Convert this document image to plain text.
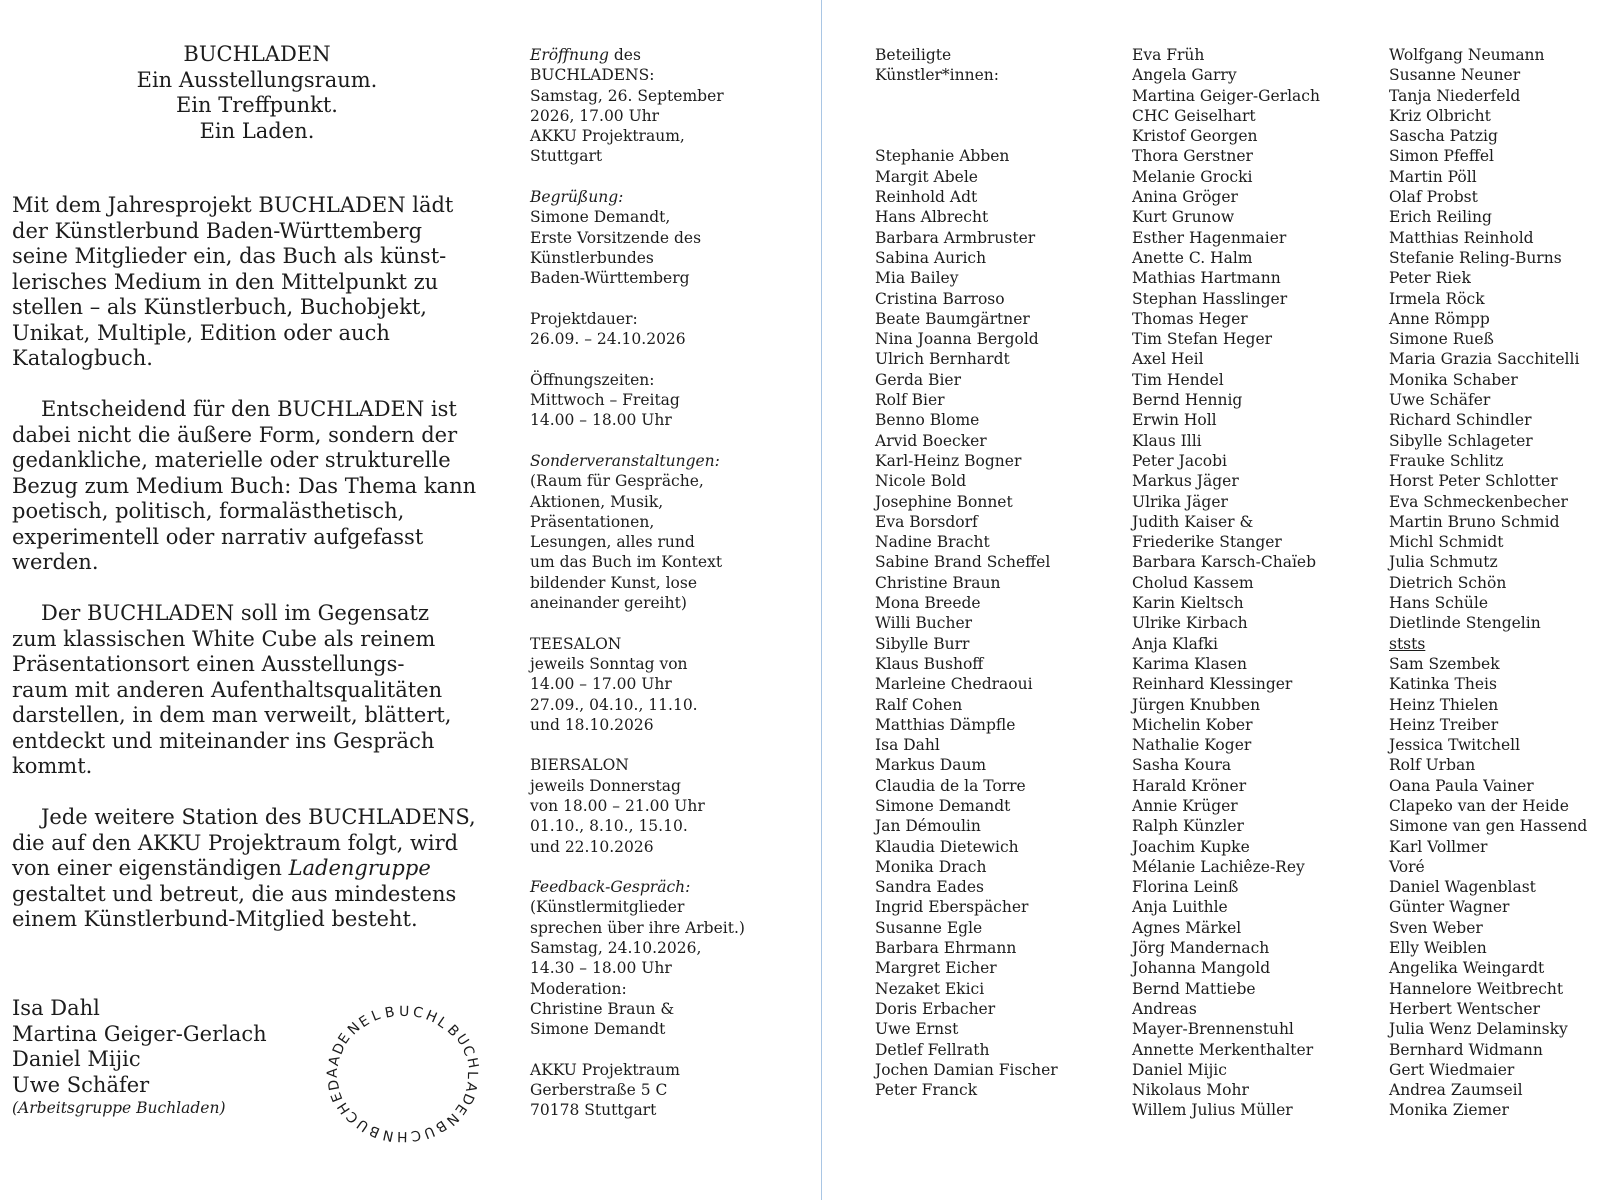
BUCHLADEN
Ein Ausstellungsraum.
Ein Treffpunkt.
Ein Laden.
Mit dem Jahresprojekt BUCHLADEN lädt
der Künstlerbund Baden-Württemberg
seine Mitglieder ein, das Buch als künst-
lerisches Medium in den Mittelpunkt zu
stellen – als Künstlerbuch, Buchobjekt,
Unikat, Multiple, Edition oder auch
Katalogbuch.
Entscheidend für den BUCHLADEN ist
dabei nicht die äußere Form, sondern der
gedankliche, materielle oder strukturelle
Bezug zum Medium Buch: Das Thema kann
poetisch, politisch, formalästhetisch,
experimentell oder narrativ aufgefasst
werden.
Der BUCHLADEN soll im Gegensatz
zum klassischen White Cube als reinem
Präsentationsort einen Ausstellungs-
raum mit anderen Aufenthaltsqualitäten
darstellen, in dem man verweilt, blättert,
entdeckt und miteinander ins Gespräch
kommt.
Jede weitere Station des BUCHLADENS,
die auf den AKKU Projektraum folgt, wird
von einer eigenständigen Ladengruppe
gestaltet und betreut, die aus mindestens
einem Künstlerbund-Mitglied besteht.
Isa Dahl
Martina Geiger-Gerlach
Daniel Mijic
Uwe Schäfer
(Arbeitsgruppe Buchladen)
L B U C
H
L
B
U
C
H
L
A
D
E
N
B
U
C
H
N
B
U
C
H
E
D
A
A
D
E
N
E
Eröffnung des
BUCHLADENS:
Samstag, 26. September
2026, 17.00 Uhr
AKKU Projektraum,
Stuttgart
Begrüßung:
Simone Demandt,
Erste Vorsitzende des
Künstlerbundes
Baden-Württemberg
Projektdauer:
26.09. – 24.10.2026
Öffnungszeiten:
Mittwoch – Freitag
14.00 – 18.00 Uhr
Sonderveranstaltungen:
(Raum für Gespräche,
Aktionen, Musik,
Präsentationen,
Lesungen, alles rund
um das Buch im Kontext
bildender Kunst, lose
aneinander gereiht)
TEESALON
jeweils Sonntag von
14.00 – 17.00 Uhr
27.09., 04.10., 11.10.
und 18.10.2026
BIERSALON
jeweils Donnerstag
von 18.00 – 21.00 Uhr
01.10., 8.10., 15.10.
und 22.10.2026
Feedback-Gespräch:
(Künstlermitglieder
sprechen über ihre Arbeit.)
Samstag, 24.10.2026,
14.30 – 18.00 Uhr
Moderation:
Christine Braun &
Simone Demandt
AKKU Projektraum
Gerberstraße 5 C
70178 Stuttgart
Beteiligte
Künstler*innen:
Stephanie Abben
Margit Abele
Reinhold Adt
Hans Albrecht
Barbara Armbruster
Sabina Aurich
Mia Bailey
Cristina Barroso
Beate Baumgärtner
Nina Joanna Bergold
Ulrich Bernhardt
Gerda Bier
Rolf Bier
Benno Blome
Arvid Boecker
Karl-Heinz Bogner
Nicole Bold
Josephine Bonnet
Eva Borsdorf
Nadine Bracht
Sabine Brand Scheffel
Christine Braun
Mona Breede
Willi Bucher
Sibylle Burr
Klaus Bushoff
Marleine Chedraoui
Ralf Cohen
Matthias Dämpfle
Isa Dahl
Markus Daum
Claudia de la Torre
Simone Demandt
Jan Démoulin
Klaudia Dietewich
Monika Drach
Sandra Eades
Ingrid Eberspächer
Susanne Egle
Barbara Ehrmann
Margret Eicher
Nezaket Ekici
Doris Erbacher
Uwe Ernst
Detlef Fellrath
Jochen Damian Fischer
Peter Franck
Eva Früh
Angela Garry
Martina Geiger-Gerlach
CHC Geiselhart
Kristof Georgen
Thora Gerstner
Melanie Grocki
Anina Gröger
Kurt Grunow
Esther Hagenmaier
Anette C. Halm
Mathias Hartmann
Stephan Hasslinger
Thomas Heger
Tim Stefan Heger
Axel Heil
Tim Hendel
Bernd Hennig
Erwin Holl
Klaus Illi
Peter Jacobi
Markus Jäger
Ulrika Jäger
Judith Kaiser &
Friederike Stanger
Barbara Karsch-Chaïeb
Cholud Kassem
Karin Kieltsch
Ulrike Kirbach
Anja Klafki
Karima Klasen
Reinhard Klessinger
Jürgen Knubben
Michelin Kober
Nathalie Koger
Sasha Koura
Harald Kröner
Annie Krüger
Ralph Künzler
Joachim Kupke
Mélanie Lachiêze-Rey
Florina Leinß
Anja Luithle
Agnes Märkel
Jörg Mandernach
Johanna Mangold
Bernd Mattiebe
Andreas
Mayer-Brennenstuhl
Annette Merkenthalter
Daniel Mijic
Nikolaus Mohr
Willem Julius Müller
Wolfgang Neumann
Susanne Neuner
Tanja Niederfeld
Kriz Olbricht
Sascha Patzig
Simon Pfeffel
Martin Pöll
Olaf Probst
Erich Reiling
Matthias Reinhold
Stefanie Reling-Burns
Peter Riek
Irmela Röck
Anne Römpp
Simone Rueß
Maria Grazia Sacchitelli
Monika Schaber
Uwe Schäfer
Richard Schindler
Sibylle Schlageter
Frauke Schlitz
Horst Peter Schlotter
Eva Schmeckenbecher
Martin Bruno Schmid
Michl Schmidt
Julia Schmutz
Dietrich Schön
Hans Schüle
Dietlinde Stengelin
ststs
Sam Szembek
Katinka Theis
Heinz Thielen
Heinz Treiber
Jessica Twitchell
Rolf Urban
Oana Paula Vainer
Clapeko van der Heide
Simone van gen Hassend
Karl Vollmer
Voré
Daniel Wagenblast
Günter Wagner
Sven Weber
Elly Weiblen
Angelika Weingardt
Hannelore Weitbrecht
Herbert Wentscher
Julia Wenz Delaminsky
Bernhard Widmann
Gert Wiedmaier
Andrea Zaumseil
Monika Ziemer
